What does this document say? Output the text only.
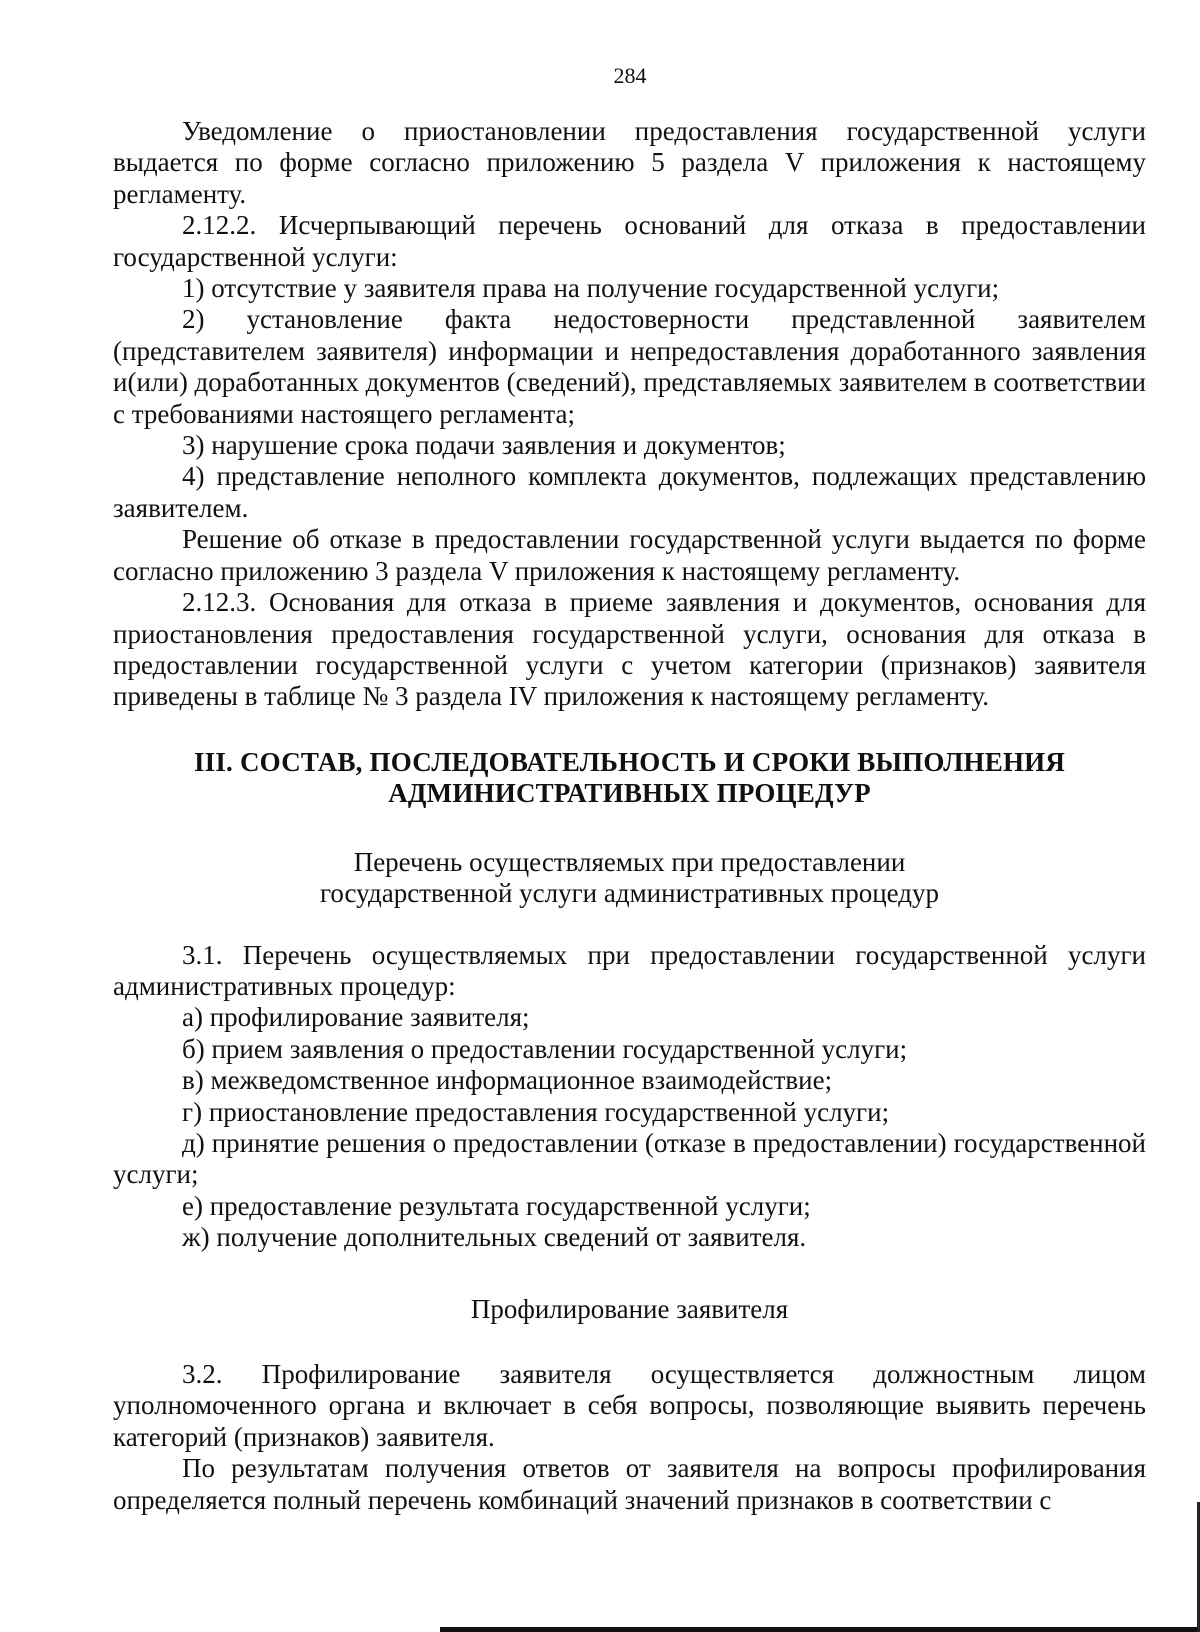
284

Уведомление о приостановлении предоставления государственной услуги выдается по форме согласно приложению 5 раздела V приложения к настоящему регламенту.

2.12.2. Исчерпывающий перечень оснований для отказа в предоставлении государственной услуги:

1) отсутствие у заявителя права на получение государственной услуги;

2) установление факта недостоверности представленной заявителем (представителем заявителя) информации и непредоставления доработанного заявления и(или) доработанных документов (сведений), представляемых заявителем в соответствии с требованиями настоящего регламента;

3) нарушение срока подачи заявления и документов;

4) представление неполного комплекта документов, подлежащих представлению заявителем.

Решение об отказе в предоставлении государственной услуги выдается по форме согласно приложению 3 раздела V приложения к настоящему регламенту.

2.12.3. Основания для отказа в приеме заявления и документов, основания для приостановления предоставления государственной услуги, основания для отказа в предоставлении государственной услуги с учетом категории (признаков) заявителя приведены в таблице № 3 раздела IV приложения к настоящему регламенту.

III. СОСТАВ, ПОСЛЕДОВАТЕЛЬНОСТЬ И СРОКИ ВЫПОЛНЕНИЯ
АДМИНИСТРАТИВНЫХ ПРОЦЕДУР
Перечень осуществляемых при предоставлении
государственной услуги административных процедур

3.1. Перечень осуществляемых при предоставлении государственной услуги административных процедур:

а) профилирование заявителя;

б) прием заявления о предоставлении государственной услуги;

в) межведомственное информационное взаимодействие;

г) приостановление предоставления государственной услуги;

д) принятие решения о предоставлении (отказе в предоставлении) государственной услуги;

е) предоставление результата государственной услуги;

ж) получение дополнительных сведений от заявителя.

Профилирование заявителя

3.2. Профилирование заявителя осуществляется должностным лицом уполномоченного органа и включает в себя вопросы, позволяющие выявить перечень категорий (признаков) заявителя.

По результатам получения ответов от заявителя на вопросы профилирования определяется полный перечень комбинаций значений признаков в соответствии с
